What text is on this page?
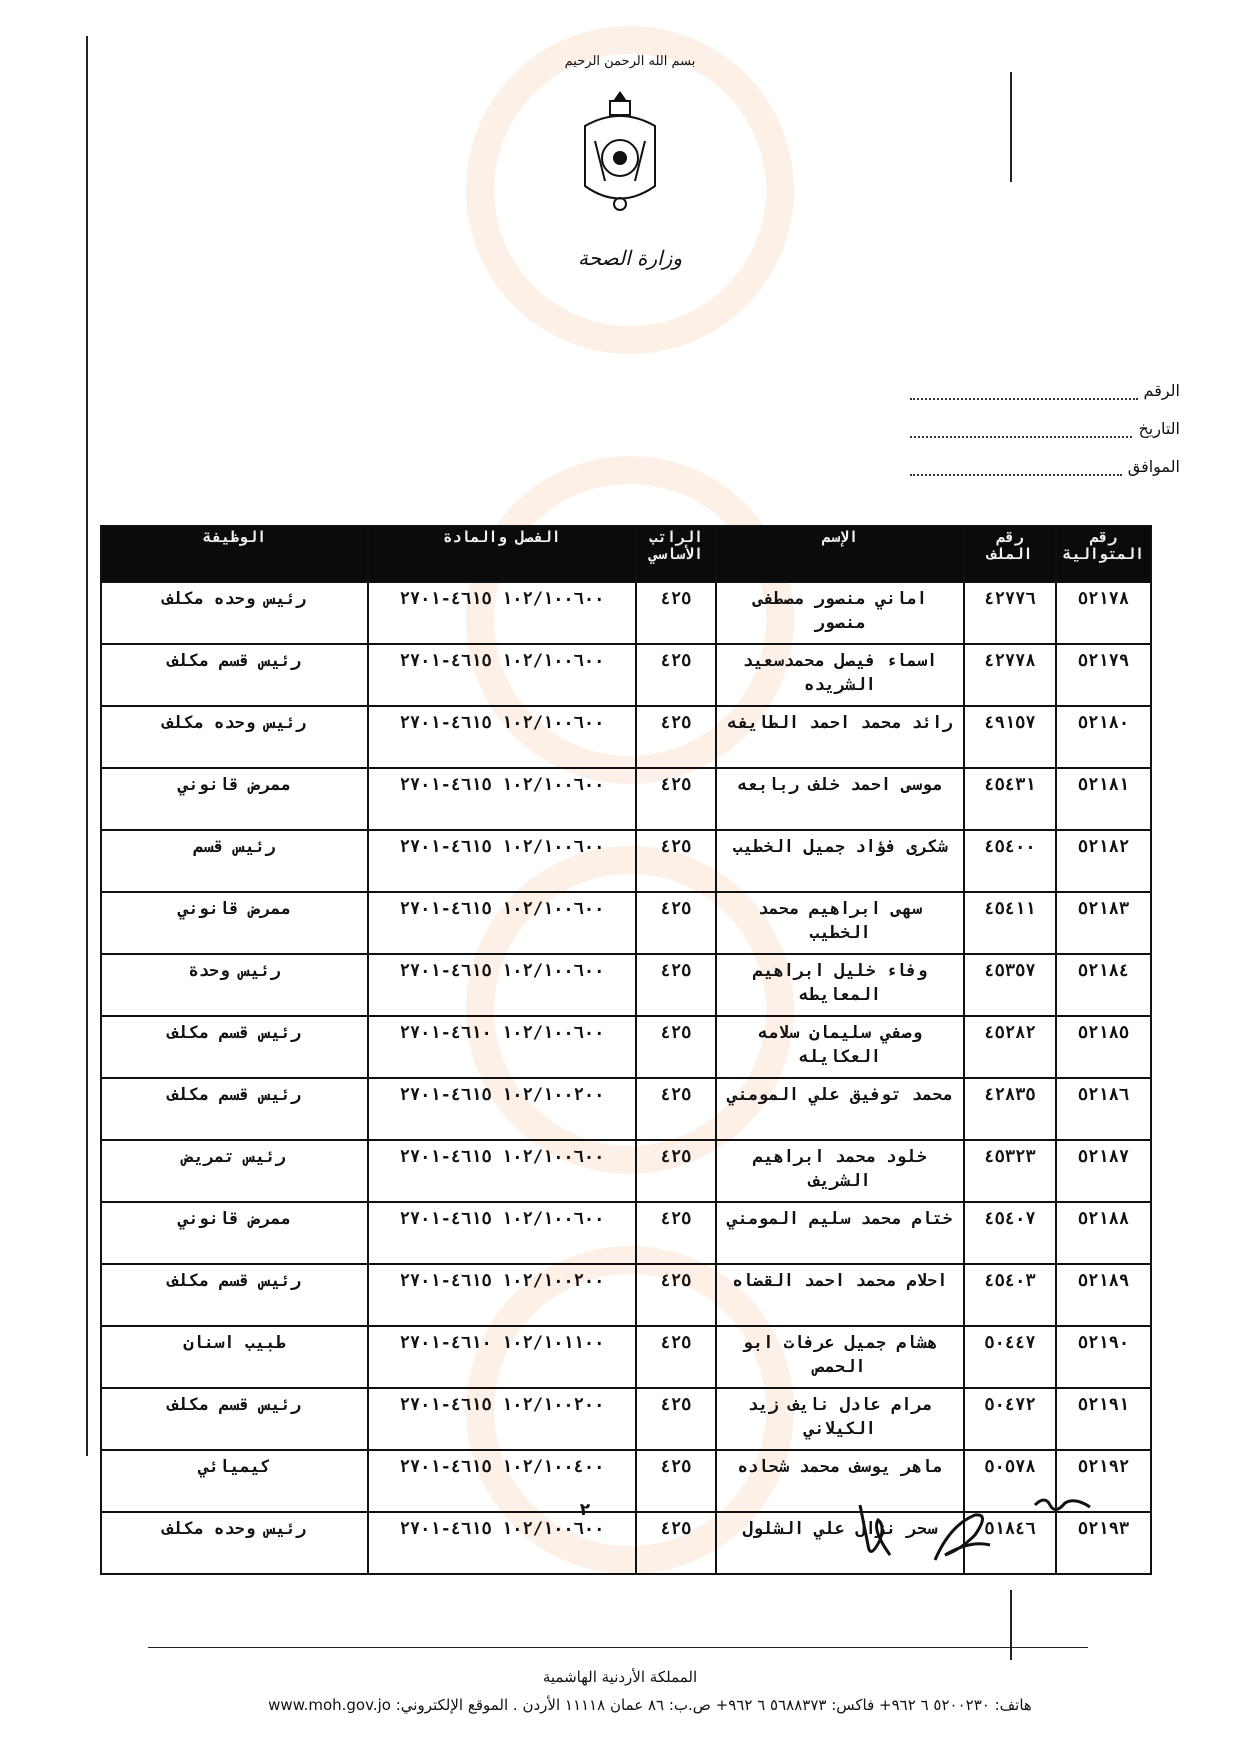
بسم الله الرحمن الرحيم
وزارة الصحة
الرقم
التاريخ
الموافق
رقم المتوالية	رقم الملف	الإسم	الراتب الأساسي	الفصل والمادة	الوظيفة
٥٢١٧٨	٤٢٧٧٦	اماني منصور مصطفى منصور	٤٢٥	١٠٢/١٠٠٦٠٠ ٤٦١٥-٢٧٠١	رئيس وحده مكلف
٥٢١٧٩	٤٢٧٧٨	اسماء فيصل محمدسعيد الشريده	٤٢٥	١٠٢/١٠٠٦٠٠ ٤٦١٥-٢٧٠١	رئيس قسم مكلف
٥٢١٨٠	٤٩١٥٧	رائد محمد احمد الطايفه	٤٢٥	١٠٢/١٠٠٦٠٠ ٤٦١٥-٢٧٠١	رئيس وحده مكلف
٥٢١٨١	٤٥٤٣١	موسى احمد خلف ربابعه	٤٢٥	١٠٢/١٠٠٦٠٠ ٤٦١٥-٢٧٠١	ممرض قانوني
٥٢١٨٢	٤٥٤٠٠	شكرى فؤاد جميل الخطيب	٤٢٥	١٠٢/١٠٠٦٠٠ ٤٦١٥-٢٧٠١	رئيس قسم
٥٢١٨٣	٤٥٤١١	سهى ابراهيم محمد الخطيب	٤٢٥	١٠٢/١٠٠٦٠٠ ٤٦١٥-٢٧٠١	ممرض قانوني
٥٢١٨٤	٤٥٣٥٧	وفاء خليل ابراهيم المعايطه	٤٢٥	١٠٢/١٠٠٦٠٠ ٤٦١٥-٢٧٠١	رئيس وحدة
٥٢١٨٥	٤٥٢٨٢	وصفي سليمان سلامه العكايله	٤٢٥	١٠٢/١٠٠٦٠٠ ٤٦١٠-٢٧٠١	رئيس قسم مكلف
٥٢١٨٦	٤٢٨٣٥	محمد توفيق علي المومني	٤٢٥	١٠٢/١٠٠٢٠٠ ٤٦١٥-٢٧٠١	رئيس قسم مكلف
٥٢١٨٧	٤٥٣٢٣	خلود محمد ابراهيم الشريف	٤٢٥	١٠٢/١٠٠٦٠٠ ٤٦١٥-٢٧٠١	رئيس تمريض
٥٢١٨٨	٤٥٤٠٧	ختام محمد سليم المومني	٤٢٥	١٠٢/١٠٠٦٠٠ ٤٦١٥-٢٧٠١	ممرض قانوني
٥٢١٨٩	٤٥٤٠٣	احلام محمد احمد القضاه	٤٢٥	١٠٢/١٠٠٢٠٠ ٤٦١٥-٢٧٠١	رئيس قسم مكلف
٥٢١٩٠	٥٠٤٤٧	هشام جميل عرفات ابو الحمص	٤٢٥	١٠٢/١٠١١٠٠ ٤٦١٠-٢٧٠١	طبيب اسنان
٥٢١٩١	٥٠٤٧٢	مرام عادل نايف زيد الكيلاني	٤٢٥	١٠٢/١٠٠٢٠٠ ٤٦١٥-٢٧٠١	رئيس قسم مكلف
٥٢١٩٢	٥٠٥٧٨	ماهر يوسف محمد شحاده	٤٢٥	١٠٢/١٠٠٤٠٠ ٤٦١٥-٢٧٠١	كيميائي
٥٢١٩٣	٥١٨٤٦	سحر نزال علي الشلول	٤٢٥	١٠٢/١٠٠٦٠٠ ٤٦١٥-٢٧٠١	رئيس وحده مكلف
٢
المملكة الأردنية الهاشمية
هاتف: ٥٢٠٠٢٣٠ ٦ ٩٦٢+ فاكس: ٥٦٨٨٣٧٣ ٦ ٩٦٢+ ص.ب: ٨٦ عمان ١١١١٨ الأردن . الموقع الإلكتروني: www.moh.gov.jo
